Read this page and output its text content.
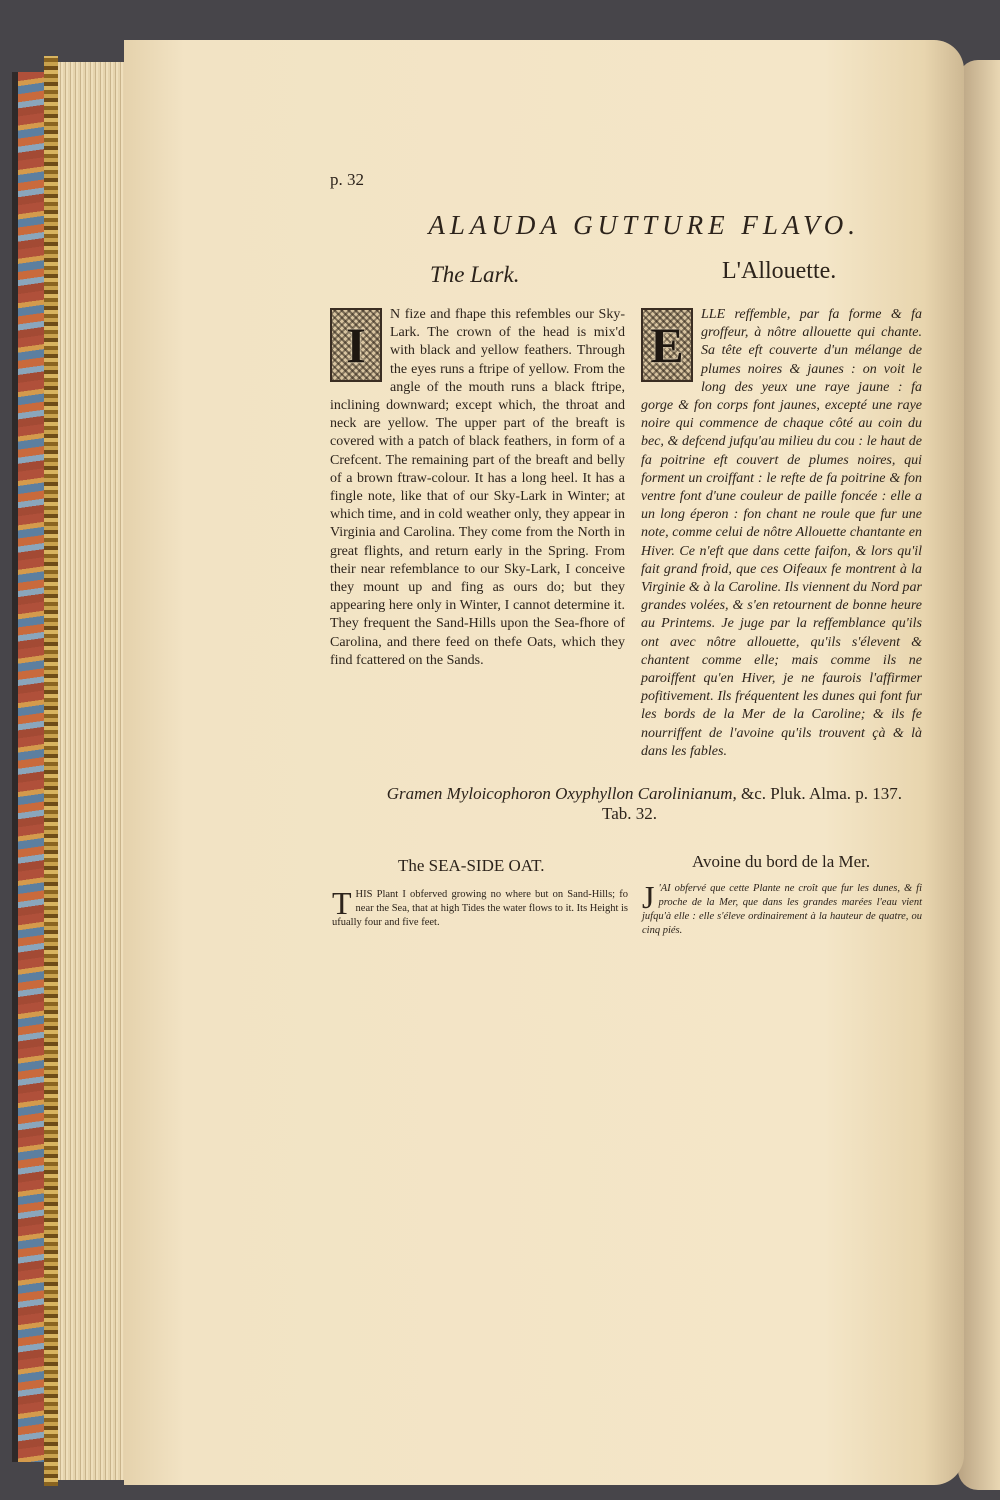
p. 32
ALAUDA GUTTURE FLAVO.
The Lark.	L'Allouette.
I
N fize and fhape this refembles our Sky-Lark. The crown of the head is mix'd with black and yellow feathers. Through the eyes runs a ftripe of yellow. From the angle of the mouth runs a black ftripe, inclining downward; except which, the throat and neck are yellow. The upper part of the breaft is covered with a patch of black feathers, in form of a Crefcent. The remaining part of the breaft and belly of a brown ftraw-colour. It has a long heel. It has a fingle note, like that of our Sky-Lark in Winter; at which time, and in cold weather only, they appear in Virginia and Carolina. They come from the North in great flights, and return early in the Spring. From their near refemblance to our Sky-Lark, I conceive they mount up and fing as ours do; but they appearing here only in Winter, I cannot determine it. They frequent the Sand-Hills upon the Sea-fhore of Carolina, and there feed on thefe Oats, which they find fcattered on the Sands.
E
LLE reffemble, par fa forme & fa groffeur, à nôtre allouette qui chante. Sa tête eft couverte d'un mélange de plumes noires & jaunes : on voit le long des yeux une raye jaune : fa gorge & fon corps font jaunes, excepté une raye noire qui commence de chaque côté au coin du bec, & defcend jufqu'au milieu du cou : le haut de fa poitrine eft couvert de plumes noires, qui forment un croiffant : le refte de fa poitrine & fon ventre font d'une couleur de paille foncée : elle a un long éperon : fon chant ne roule que fur une note, comme celui de nôtre Allouette chantante en Hiver. Ce n'eft que dans cette faifon, & lors qu'il fait grand froid, que ces Oifeaux fe montrent à la Virginie & à la Caroline. Ils viennent du Nord par grandes volées, & s'en retournent de bonne heure au Printems. Je juge par la reffemblance qu'ils ont avec nôtre allouette, qu'ils s'élevent & chantent comme elle; mais comme ils ne paroiffent qu'en Hiver, je ne faurois l'affirmer pofitivement. Ils fréquentent les dunes qui font fur les bords de la Mer de la Caroline; & ils fe nourriffent de l'avoine qu'ils trouvent çà & là dans les fables.
Gramen Myloicophoron Oxyphyllon Carolinianum, &c. Pluk. Alma. p. 137.
Tab. 32.
The SEA-SIDE OAT.	Avoine du bord de la Mer.
T HIS Plant I obferved growing no where but on Sand-Hills; fo near the Sea, that at high Tides the water flows to it. Its Height is ufually four and five feet.
J 'AI obfervé que cette Plante ne croît que fur les dunes, & fi proche de la Mer, que dans les grandes marées l'eau vient jufqu'à elle : elle s'éleve ordinairement à la hauteur de quatre, ou cinq piés.
